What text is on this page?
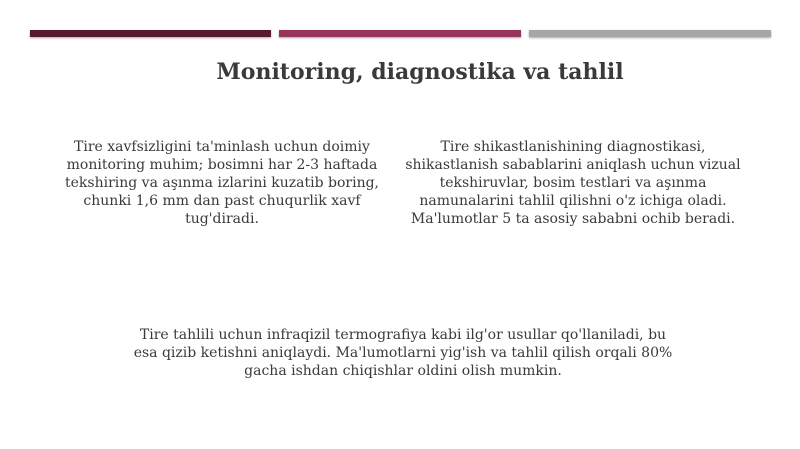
Monitoring, diagnostika va tahlil
Tire xavfsizligini ta'minlash uchun doimiy monitoring muhim; bosimni har 2-3 haftada tekshiring va aşınma izlarini kuzatib boring, chunki 1,6 mm dan past chuqurlik xavf tug'diradi.
Tire shikastlanishining diagnostikasi, shikastlanish sabablarini aniqlash uchun vizual tekshiruvlar, bosim testlari va aşınma namunalarini tahlil qilishni o'z ichiga oladi. Ma'lumotlar 5 ta asosiy sababni ochib beradi.
Tire tahlili uchun infraqizil termografiya kabi ilg'or usullar qo'llaniladi, bu esa qizib ketishni aniqlaydi. Ma'lumotlarni yig'ish va tahlil qilish orqali 80% gacha ishdan chiqishlar oldini olish mumkin.
